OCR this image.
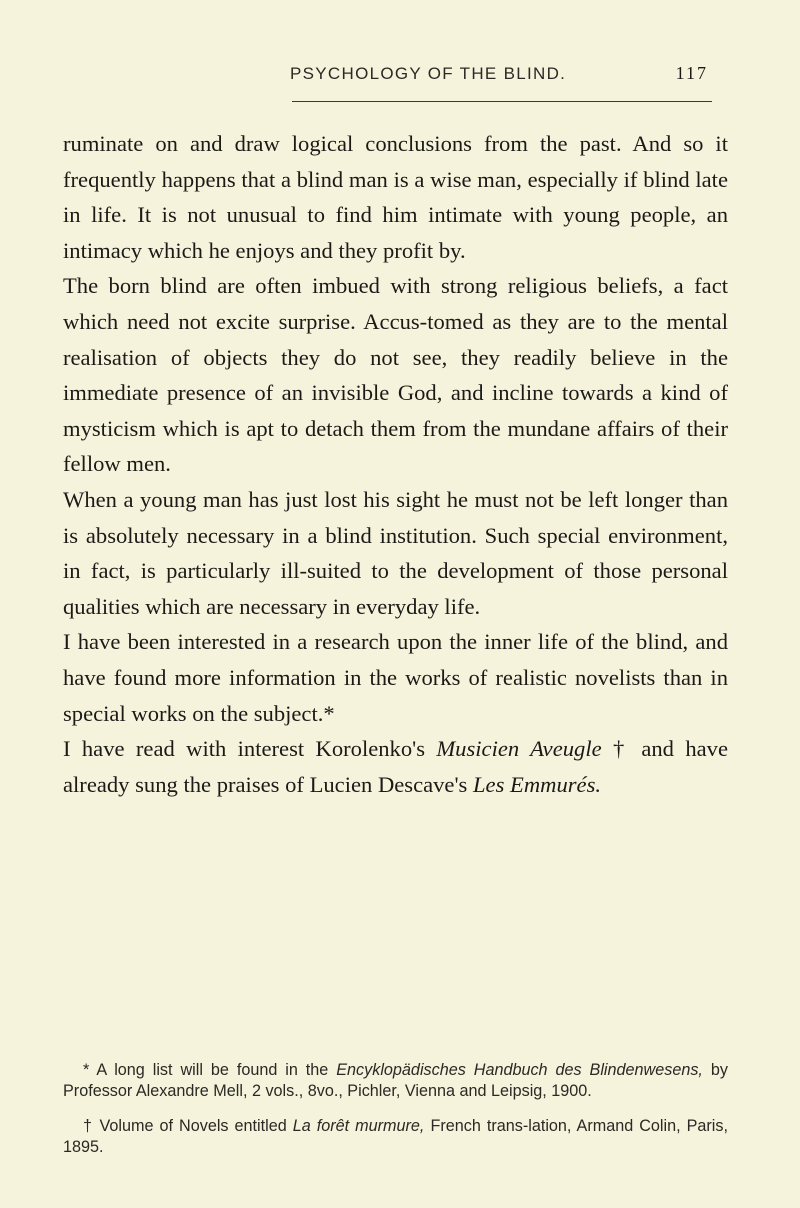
PSYCHOLOGY OF THE BLIND.	117

ruminate on and draw logical conclusions from the past. And so it frequently happens that a blind man is a wise man, especially if blind late in life. It is not unusual to find him intimate with young people, an intimacy which he enjoys and they profit by.

The born blind are often imbued with strong religious beliefs, a fact which need not excite surprise. Accus-tomed as they are to the mental realisation of objects they do not see, they readily believe in the immediate presence of an invisible God, and incline towards a kind of mysticism which is apt to detach them from the mundane affairs of their fellow men.

When a young man has just lost his sight he must not be left longer than is absolutely necessary in a blind institution. Such special environment, in fact, is particularly ill-suited to the development of those personal qualities which are necessary in everyday life.

I have been interested in a research upon the inner life of the blind, and have found more information in the works of realistic novelists than in special works on the subject.*

I have read with interest Korolenko's Musicien Aveugle † and have already sung the praises of Lucien Descave's Les Emmurés.

* A long list will be found in the Encyklopädisches Handbuch des Blindenwesens, by Professor Alexandre Mell, 2 vols., 8vo., Pichler, Vienna and Leipsig, 1900.

† Volume of Novels entitled La forêt murmure, French trans-lation, Armand Colin, Paris, 1895.
